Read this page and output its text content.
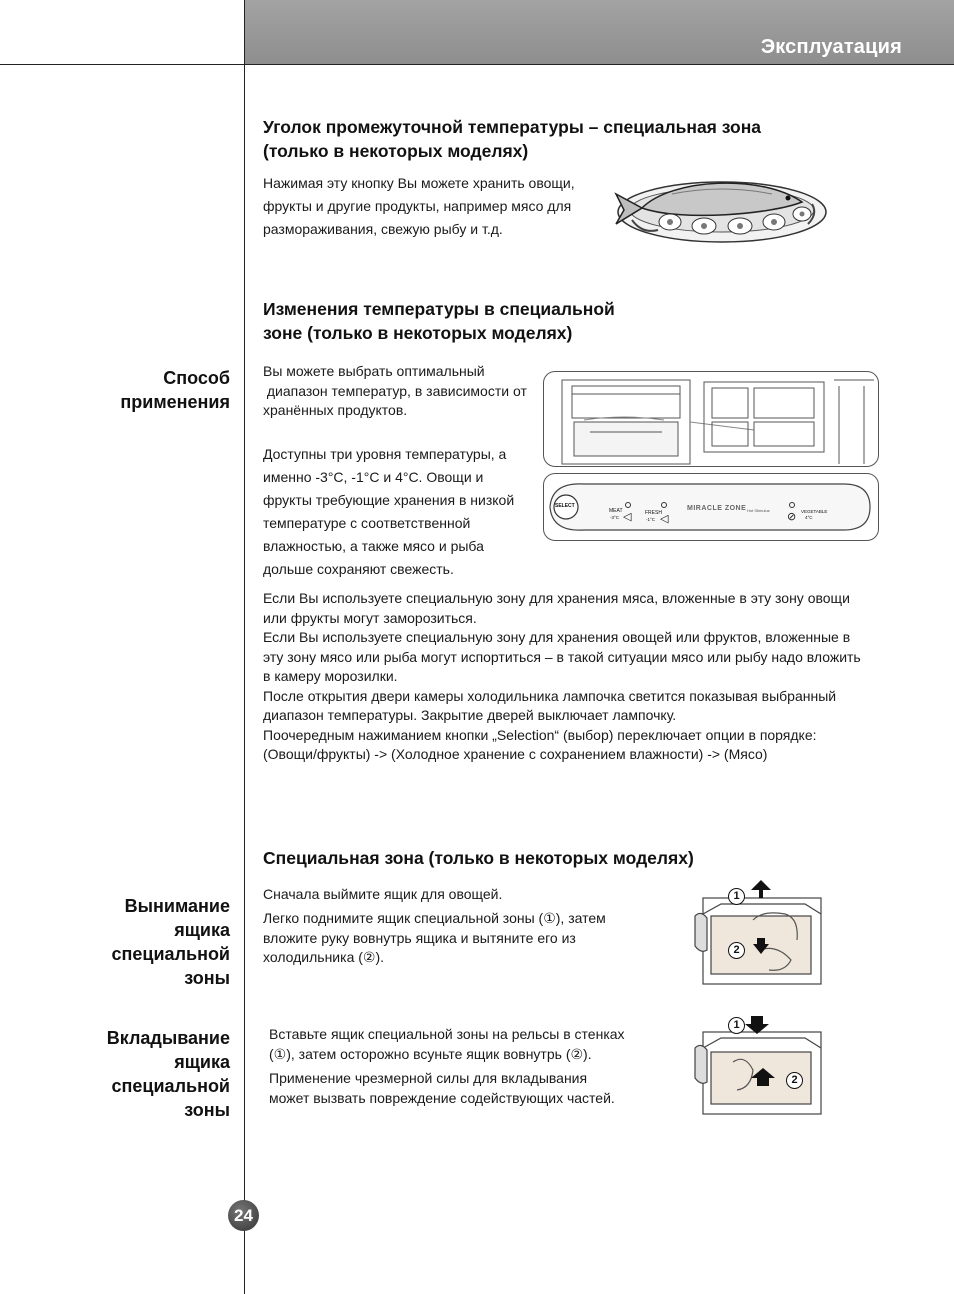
Эксплуатация
Уголок промежуточной температуры – специальная зона
(только в некоторых моделях)
Нажимая эту кнопку Вы можете хранить овощи,
фрукты и другие продукты, например мясо для
размораживания, свежую рыбу и т.д.
Изменения температуры в специальной
зоне (только в некоторых моделях)
Способ
применения
Вы можете выбрать оптимальный
диапазон температур, в зависимости от
хранённых продуктов.
Доступны три уровня температуры, а
именно -3°C, -1°C и 4°C. Овощи и
фрукты требующие хранения в низкой
температуре с соответственной
влажностью, а также мясо и рыба
дольше сохраняют свежесть.
SELECT
MEAT
-3°C ◁	FRESH
-1°C ◁
MIRACLE ZONE Hot Stimulus
⊘ VEGETABLE
4°C
Если Вы используете специальную зону для хранения мяса, вложенные в эту зону овощи
или фрукты могут заморозиться.
Если Вы используете специальную зону для хранения овощей или фруктов, вложенные в
эту зону мясо или рыба могут испортиться – в такой ситуации мясо или рыбу надо вложить
в камеру морозилки.
После открытия двери камеры холодильника лампочка светится показывая выбранный
диапазон температуры. Закрытие дверей выключает лампочку.
Поочередным нажиманием кнопки „Selection“ (выбор) переключает опции в порядке:
(Овощи/фрукты) -> (Холодное хранение с сохранением влажности) -> (Мясо)
Специальная зона (только в некоторых моделях)
Вынимание
ящика
специальной
зоны
Сначала выймите ящик для овощей.
Легко поднимите ящик специальной зоны (①), затем
вложите руку вовнутрь ящика и вытяните его из
холодильника (②).
1
2
Вкладывание
ящика
специальной
зоны
Вставьте ящик специальной зоны на рельсы в стенках
(①), затем осторожно всуньте ящик вовнутрь (②).
Применение чрезмерной силы для вкладывания
может вызвать повреждение содействующих частей.
1
2
24
